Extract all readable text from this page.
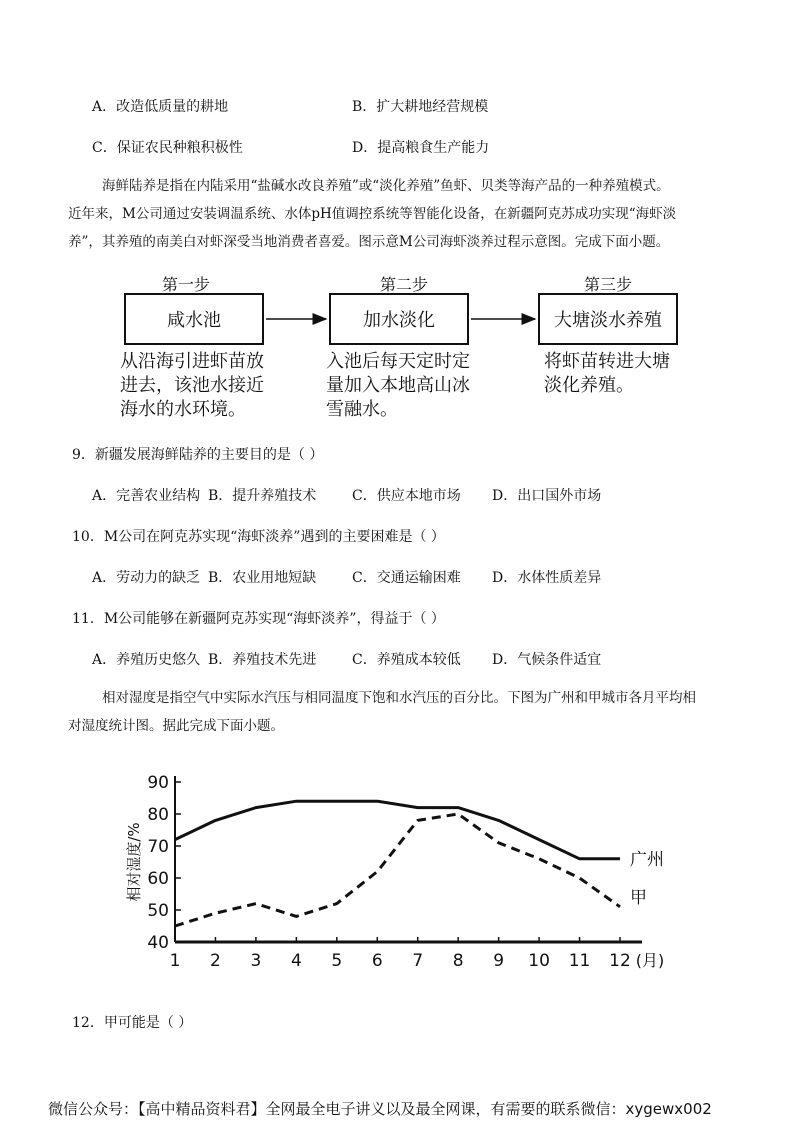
A．改造低质量的耕地	B．扩大耕地经营规模
C．保证农民种粮积极性	D．提高粮食生产能力
海鲜陆养是指在内陆采用“盐碱水改良养殖”或“淡化养殖”鱼虾、贝类等海产品的一种养殖模式。
近年来，M公司通过安装调温系统、水体pH值调控系统等智能化设备，在新疆阿克苏成功实现“海虾淡
养”，其养殖的南美白对虾深受当地消费者喜爱。图示意M公司海虾淡养过程示意图。完成下面小题。
第一步	第二步	第三步
咸水池	加水淡化	大塘淡水养殖
从沿海引进虾苗放
进去，该池水接近
海水的水环境。
入池后每天定时定
量加入本地高山冰
雪融水。
将虾苗转进大塘
淡化养殖。
9．新疆发展海鲜陆养的主要目的是（ ）
A．完善农业结构 B．提升养殖技术	C．供应本地市场 D．出口国外市场
10．M公司在阿克苏实现“海虾淡养”遇到的主要困难是（ ）
A．劳动力的缺乏 B．农业用地短缺	C．交通运输困难 D．水体性质差异
11．M公司能够在新疆阿克苏实现“海虾淡养”，得益于（ ）
A．养殖历史悠久 B．养殖技术先进	C．养殖成本较低 D．气候条件适宜
相对湿度是指空气中实际水汽压与相同温度下饱和水汽压的百分比。下图为广州和甲城市各月平均相
对湿度统计图。据此完成下面小题。
40
50
60
70
80
90
1 2 3 4 5 6 7 8 9 10 11 12 (月)
相对湿度/%	广州
甲
12．甲可能是（ ）
微信公众号：【高中精品资料君】全网最全电子讲义以及最全网课，有需要的联系微信：xygewx002
